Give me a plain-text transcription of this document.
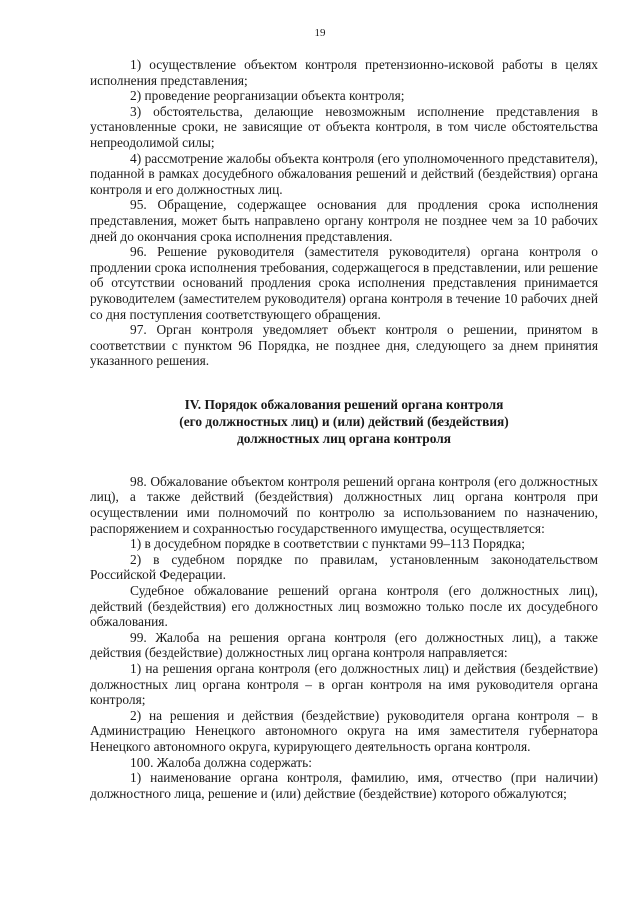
19

1) осуществление объектом контроля претензионно-исковой работы в целях исполнения представления;

2) проведение реорганизации объекта контроля;

3) обстоятельства, делающие невозможным исполнение представления в установленные сроки, не зависящие от объекта контроля, в том числе обстоятельства непреодолимой силы;

4) рассмотрение жалобы объекта контроля (его уполномоченного представителя), поданной в рамках досудебного обжалования решений и действий (бездействия) органа контроля и его должностных лиц.

95. Обращение, содержащее основания для продления срока исполнения представления, может быть направлено органу контроля не позднее чем за 10 рабочих дней до окончания срока исполнения представления.

96. Решение руководителя (заместителя руководителя) органа контроля о продлении срока исполнения требования, содержащегося в представлении, или решение об отсутствии оснований продления срока исполнения представления принимается руководителем (заместителем руководителя) органа контроля в течение 10 рабочих дней со дня поступления соответствующего обращения.

97. Орган контроля уведомляет объект контроля о решении, принятом в соответствии с пунктом 96 Порядка, не позднее дня, следующего за днем принятия указанного решения.

IV. Порядок обжалования решений органа контроля
(его должностных лиц) и (или) действий (бездействия)
должностных лиц органа контроля

98. Обжалование объектом контроля решений органа контроля (его должностных лиц), а также действий (бездействия) должностных лиц органа контроля при осуществлении ими полномочий по контролю за использованием по назначению, распоряжением и сохранностью государственного имущества, осуществляется:

1) в досудебном порядке в соответствии с пунктами 99–113 Порядка;

2) в судебном порядке по правилам, установленным законодательством Российской Федерации.

Судебное обжалование решений органа контроля (его должностных лиц), действий (бездействия) его должностных лиц возможно только после их досудебного обжалования.

99. Жалоба на решения органа контроля (его должностных лиц), а также действия (бездействие) должностных лиц органа контроля направляется:

1) на решения органа контроля (его должностных лиц) и действия (бездействие) должностных лиц органа контроля – в орган контроля на имя руководителя органа контроля;

2) на решения и действия (бездействие) руководителя органа контроля – в Администрацию Ненецкого автономного округа на имя заместителя губернатора Ненецкого автономного округа, курирующего деятельность органа контроля.

100. Жалоба должна содержать:

1) наименование органа контроля, фамилию, имя, отчество (при наличии) должностного лица, решение и (или) действие (бездействие) которого обжалуются;
